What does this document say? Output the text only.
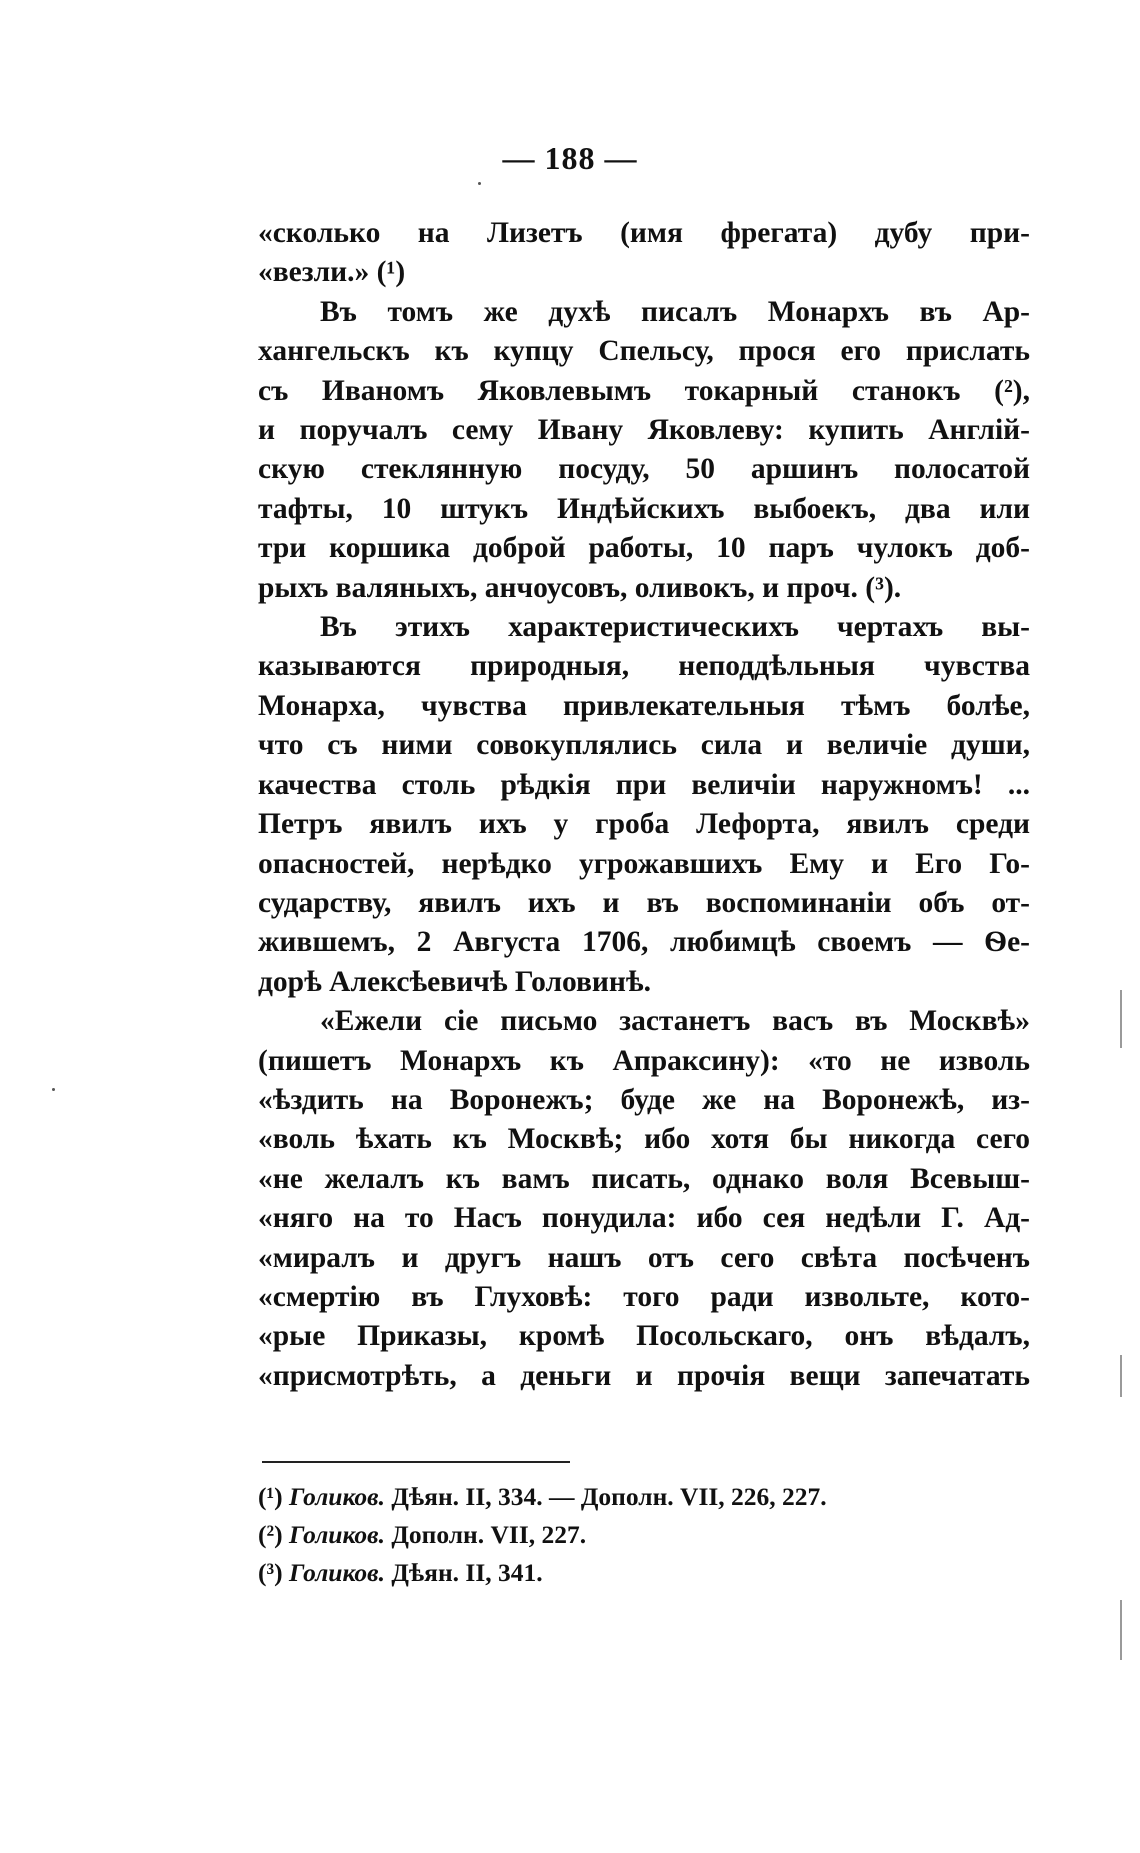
— 188 —
«сколько на Лизетъ (имя фрегата) дубу при-
«везли.» (¹)
Въ томъ же духѣ писалъ Монархъ въ Ар-
хангельскъ къ купцу Спельсу, прося его прислать
съ Иваномъ Яковлевымъ токарный станокъ (²),
и поручалъ сему Ивану Яковлеву: купить Англій-
скую стеклянную посуду, 50 аршинъ полосатой
тафты, 10 штукъ Индѣйскихъ выбоекъ, два или
три коршика доброй работы, 10 паръ чулокъ доб-
рыхъ валяныхъ, анчоусовъ, оливокъ, и проч. (³).
Въ этихъ характеристическихъ чертахъ вы-
казываются природныя, неподдѣльныя чувства
Монарха, чувства привлекательныя тѣмъ болѣе,
что съ ними совокуплялись сила и величіе души,
качества столь рѣдкія при величіи наружномъ! ...
Петръ явилъ ихъ у гроба Лефорта, явилъ среди
опасностей, нерѣдко угрожавшихъ Ему и Его Го-
сударству, явилъ ихъ и въ воспоминаніи объ от-
жившемъ, 2 Августа 1706, любимцѣ своемъ — Ѳе-
дорѣ Алексѣевичѣ Головинѣ.
«Ежели сіе письмо застанетъ васъ въ Москвѣ»
(пишетъ Монархъ къ Апраксину): «то не изволь
«ѣздить на Воронежъ; буде же на Воронежѣ, из-
«воль ѣхать къ Москвѣ; ибо хотя бы никогда сего
«не желалъ къ вамъ писать, однако воля Всевыш-
«няго на то Насъ понудила: ибо сея недѣли Г. Ад-
«миралъ и другъ нашъ отъ сего свѣта посѣченъ
«смертію въ Глуховѣ: того ради извольте, кото-
«рые Приказы, кромѣ Посольскаго, онъ вѣдалъ,
«присмотрѣть, а деньги и прочія вещи запечатать
(¹) Голиков. Дѣян. II, 334. — Дополн. VII, 226, 227.
(²) Голиков. Дополн. VII, 227.
(³) Голиков. Дѣян. II, 341.
